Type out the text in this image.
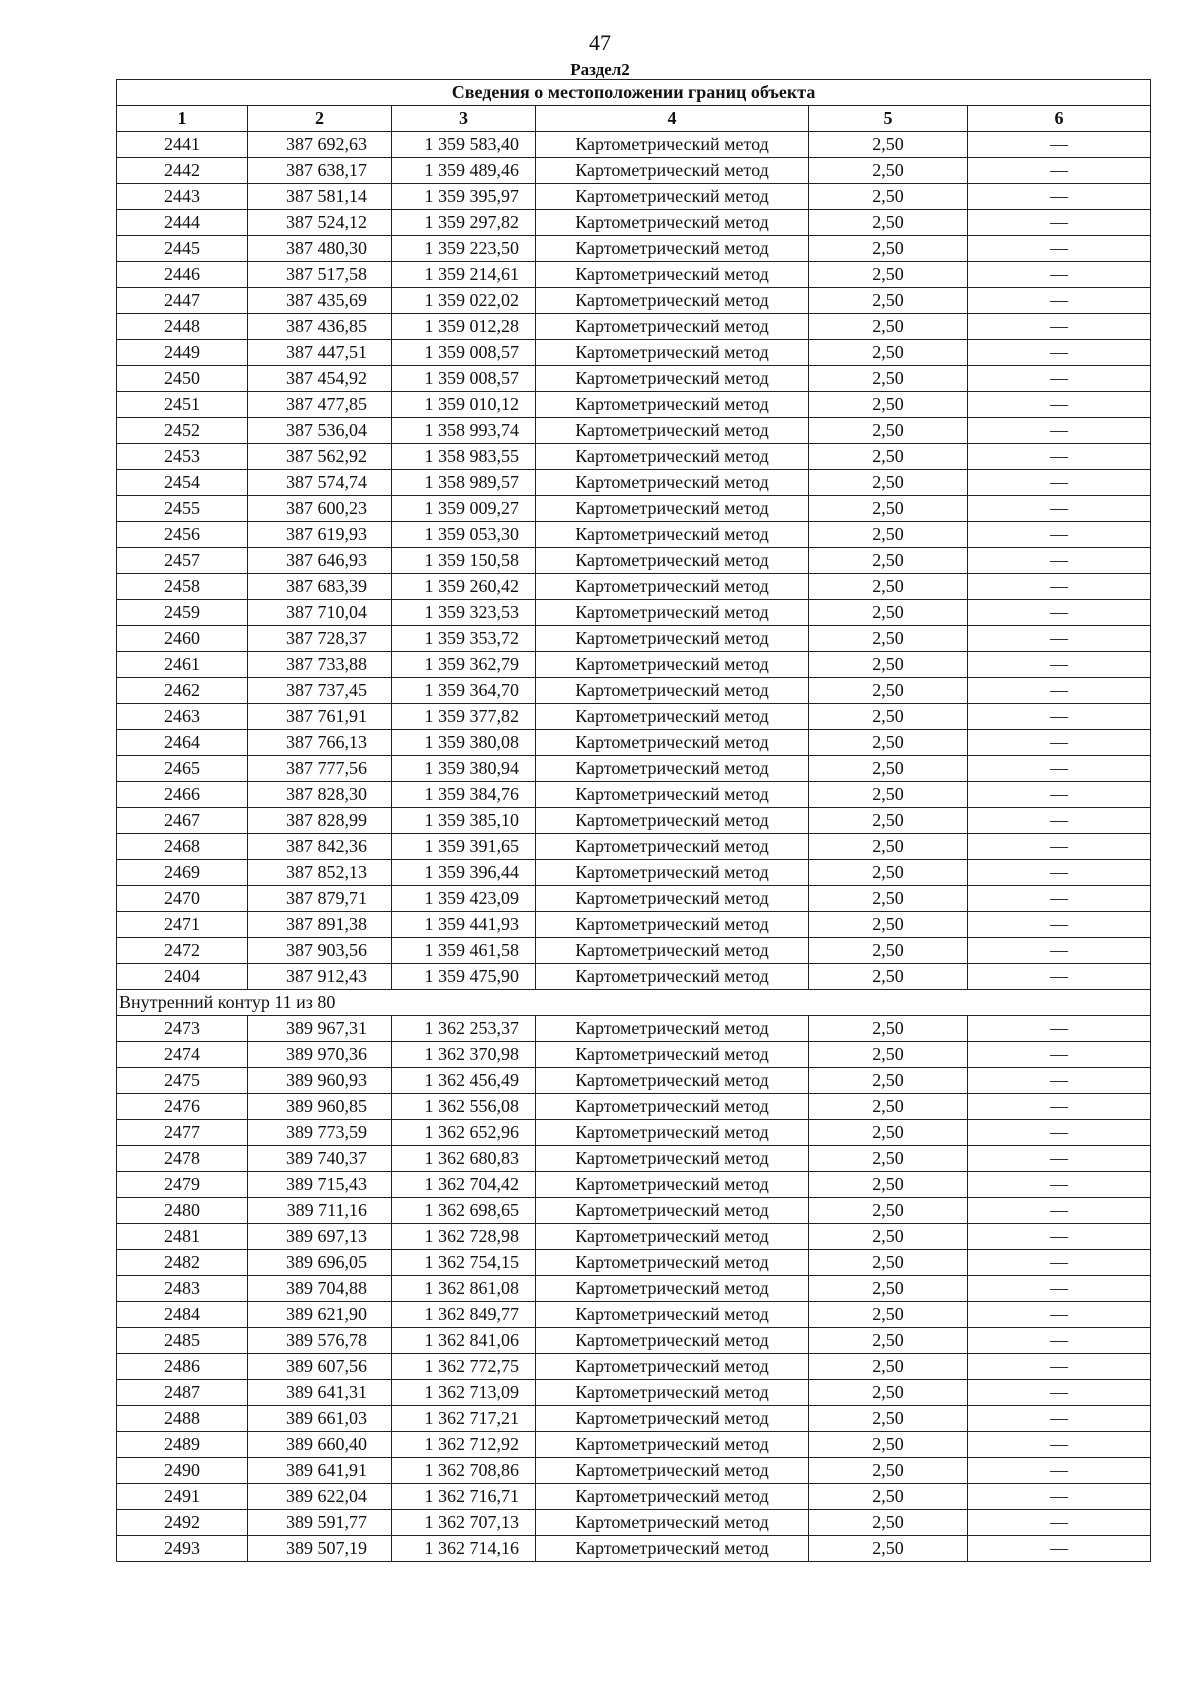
47
Раздел2
Сведения о местоположении границ объекта					
1	2	3	4	5	6
2441	387 692,63	1 359 583,40	Картометрический метод	2,50	—
2442	387 638,17	1 359 489,46	Картометрический метод	2,50	—
2443	387 581,14	1 359 395,97	Картометрический метод	2,50	—
2444	387 524,12	1 359 297,82	Картометрический метод	2,50	—
2445	387 480,30	1 359 223,50	Картометрический метод	2,50	—
2446	387 517,58	1 359 214,61	Картометрический метод	2,50	—
2447	387 435,69	1 359 022,02	Картометрический метод	2,50	—
2448	387 436,85	1 359 012,28	Картометрический метод	2,50	—
2449	387 447,51	1 359 008,57	Картометрический метод	2,50	—
2450	387 454,92	1 359 008,57	Картометрический метод	2,50	—
2451	387 477,85	1 359 010,12	Картометрический метод	2,50	—
2452	387 536,04	1 358 993,74	Картометрический метод	2,50	—
2453	387 562,92	1 358 983,55	Картометрический метод	2,50	—
2454	387 574,74	1 358 989,57	Картометрический метод	2,50	—
2455	387 600,23	1 359 009,27	Картометрический метод	2,50	—
2456	387 619,93	1 359 053,30	Картометрический метод	2,50	—
2457	387 646,93	1 359 150,58	Картометрический метод	2,50	—
2458	387 683,39	1 359 260,42	Картометрический метод	2,50	—
2459	387 710,04	1 359 323,53	Картометрический метод	2,50	—
2460	387 728,37	1 359 353,72	Картометрический метод	2,50	—
2461	387 733,88	1 359 362,79	Картометрический метод	2,50	—
2462	387 737,45	1 359 364,70	Картометрический метод	2,50	—
2463	387 761,91	1 359 377,82	Картометрический метод	2,50	—
2464	387 766,13	1 359 380,08	Картометрический метод	2,50	—
2465	387 777,56	1 359 380,94	Картометрический метод	2,50	—
2466	387 828,30	1 359 384,76	Картометрический метод	2,50	—
2467	387 828,99	1 359 385,10	Картометрический метод	2,50	—
2468	387 842,36	1 359 391,65	Картометрический метод	2,50	—
2469	387 852,13	1 359 396,44	Картометрический метод	2,50	—
2470	387 879,71	1 359 423,09	Картометрический метод	2,50	—
2471	387 891,38	1 359 441,93	Картометрический метод	2,50	—
2472	387 903,56	1 359 461,58	Картометрический метод	2,50	—
2404	387 912,43	1 359 475,90	Картометрический метод	2,50	—
Внутренний контур 11 из 80					
2473	389 967,31	1 362 253,37	Картометрический метод	2,50	—
2474	389 970,36	1 362 370,98	Картометрический метод	2,50	—
2475	389 960,93	1 362 456,49	Картометрический метод	2,50	—
2476	389 960,85	1 362 556,08	Картометрический метод	2,50	—
2477	389 773,59	1 362 652,96	Картометрический метод	2,50	—
2478	389 740,37	1 362 680,83	Картометрический метод	2,50	—
2479	389 715,43	1 362 704,42	Картометрический метод	2,50	—
2480	389 711,16	1 362 698,65	Картометрический метод	2,50	—
2481	389 697,13	1 362 728,98	Картометрический метод	2,50	—
2482	389 696,05	1 362 754,15	Картометрический метод	2,50	—
2483	389 704,88	1 362 861,08	Картометрический метод	2,50	—
2484	389 621,90	1 362 849,77	Картометрический метод	2,50	—
2485	389 576,78	1 362 841,06	Картометрический метод	2,50	—
2486	389 607,56	1 362 772,75	Картометрический метод	2,50	—
2487	389 641,31	1 362 713,09	Картометрический метод	2,50	—
2488	389 661,03	1 362 717,21	Картометрический метод	2,50	—
2489	389 660,40	1 362 712,92	Картометрический метод	2,50	—
2490	389 641,91	1 362 708,86	Картометрический метод	2,50	—
2491	389 622,04	1 362 716,71	Картометрический метод	2,50	—
2492	389 591,77	1 362 707,13	Картометрический метод	2,50	—
2493	389 507,19	1 362 714,16	Картометрический метод	2,50	—
